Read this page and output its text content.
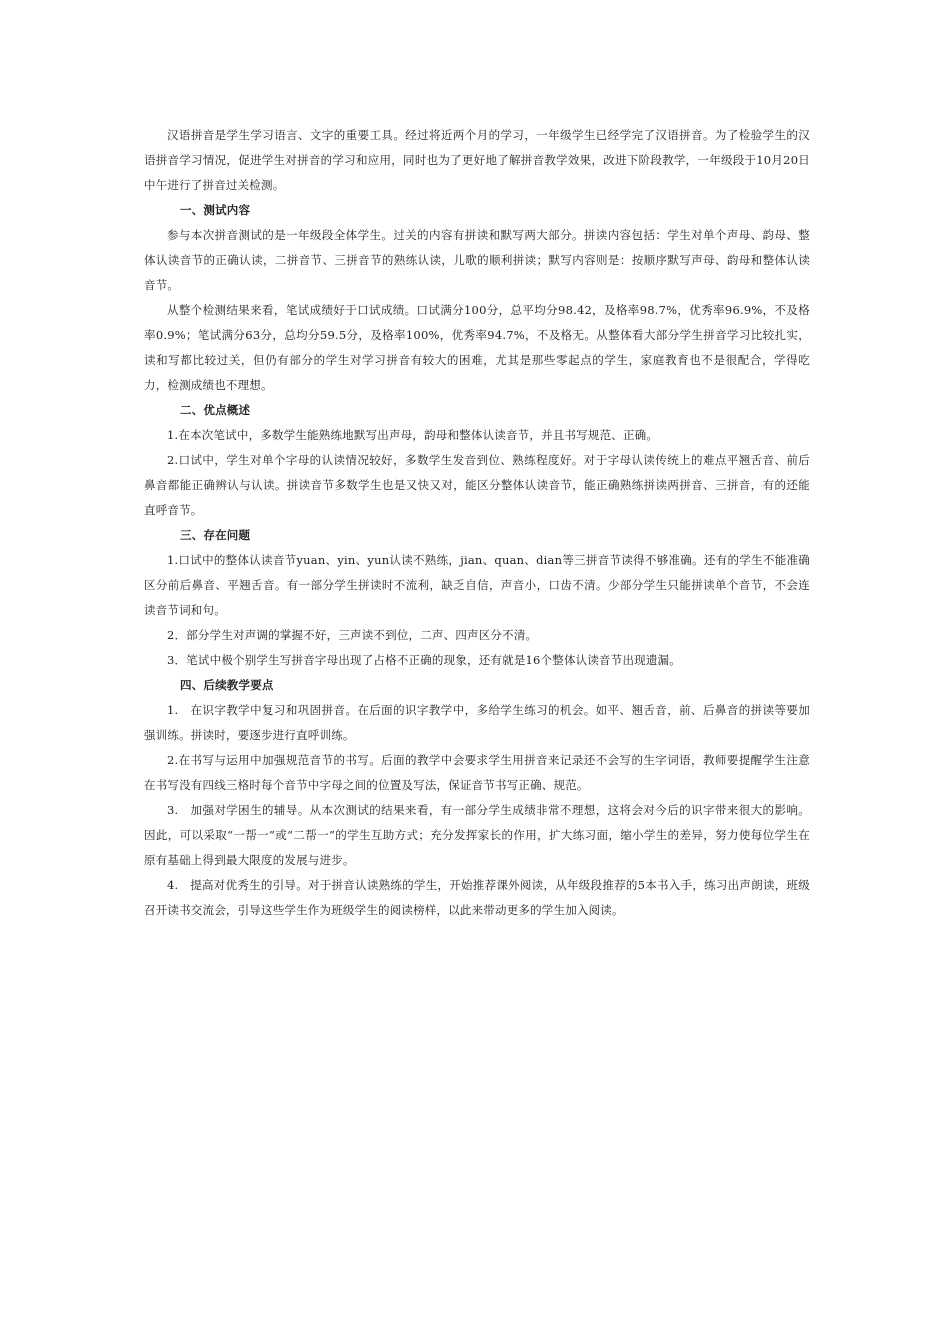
汉语拼音是学生学习语言、文字的重要工具。经过将近两个月的学习，一年级学生已经学完了汉语拼音。为了检验学生的汉语拼音学习情况，促进学生对拼音的学习和应用，同时也为了更好地了解拼音教学效果，改进下阶段教学，一年级段于10月20日中午进行了拼音过关检测。

一、测试内容

参与本次拼音测试的是一年级段全体学生。过关的内容有拼读和默写两大部分。拼读内容包括：学生对单个声母、韵母、整体认读音节的正确认读，二拼音节、三拼音节的熟练认读，儿歌的顺利拼读；默写内容则是：按顺序默写声母、韵母和整体认读音节。

从整个检测结果来看，笔试成绩好于口试成绩。口试满分100分，总平均分98.42，及格率98.7%，优秀率96.9%，不及格率0.9%；笔试满分63分，总均分59.5分，及格率100%，优秀率94.7%，不及格无。从整体看大部分学生拼音学习比较扎实，读和写都比较过关，但仍有部分的学生对学习拼音有较大的困难，尤其是那些零起点的学生，家庭教育也不是很配合，学得吃力，检测成绩也不理想。

二、优点概述

1.在本次笔试中，多数学生能熟练地默写出声母，韵母和整体认读音节，并且书写规范、正确。

2.口试中，学生对单个字母的认读情况较好，多数学生发音到位、熟练程度好。对于字母认读传统上的难点平翘舌音、前后鼻音都能正确辨认与认读。拼读音节多数学生也是又快又对，能区分整体认读音节，能正确熟练拼读两拼音、三拼音，有的还能直呼音节。

三、存在问题

1.口试中的整体认读音节yuan、yin、yun认读不熟练，jian、quan、dian等三拼音节读得不够准确。还有的学生不能准确区分前后鼻音、平翘舌音。有一部分学生拼读时不流利，缺乏自信，声音小，口齿不清。少部分学生只能拼读单个音节，不会连读音节词和句。

2．部分学生对声调的掌握不好，三声读不到位，二声、四声区分不清。

3．笔试中极个别学生写拼音字母出现了占格不正确的现象，还有就是16个整体认读音节出现遗漏。

四、后续教学要点

1.　在识字教学中复习和巩固拼音。在后面的识字教学中，多给学生练习的机会。如平、翘舌音，前、后鼻音的拼读等要加强训练。拼读时，要逐步进行直呼训练。

2.在书写与运用中加强规范音节的书写。后面的教学中会要求学生用拼音来记录还不会写的生字词语，教师要提醒学生注意在书写没有四线三格时每个音节中字母之间的位置及写法，保证音节书写正确、规范。

3.　加强对学困生的辅导。从本次测试的结果来看，有一部分学生成绩非常不理想，这将会对今后的识字带来很大的影响。因此，可以采取“一帮一”或“二帮一”的学生互助方式；充分发挥家长的作用，扩大练习面，缩小学生的差异，努力使每位学生在原有基础上得到最大限度的发展与进步。

4.　提高对优秀生的引导。对于拼音认读熟练的学生，开始推荐课外阅读，从年级段推荐的5本书入手，练习出声朗读，班级召开读书交流会，引导这些学生作为班级学生的阅读榜样，以此来带动更多的学生加入阅读。
